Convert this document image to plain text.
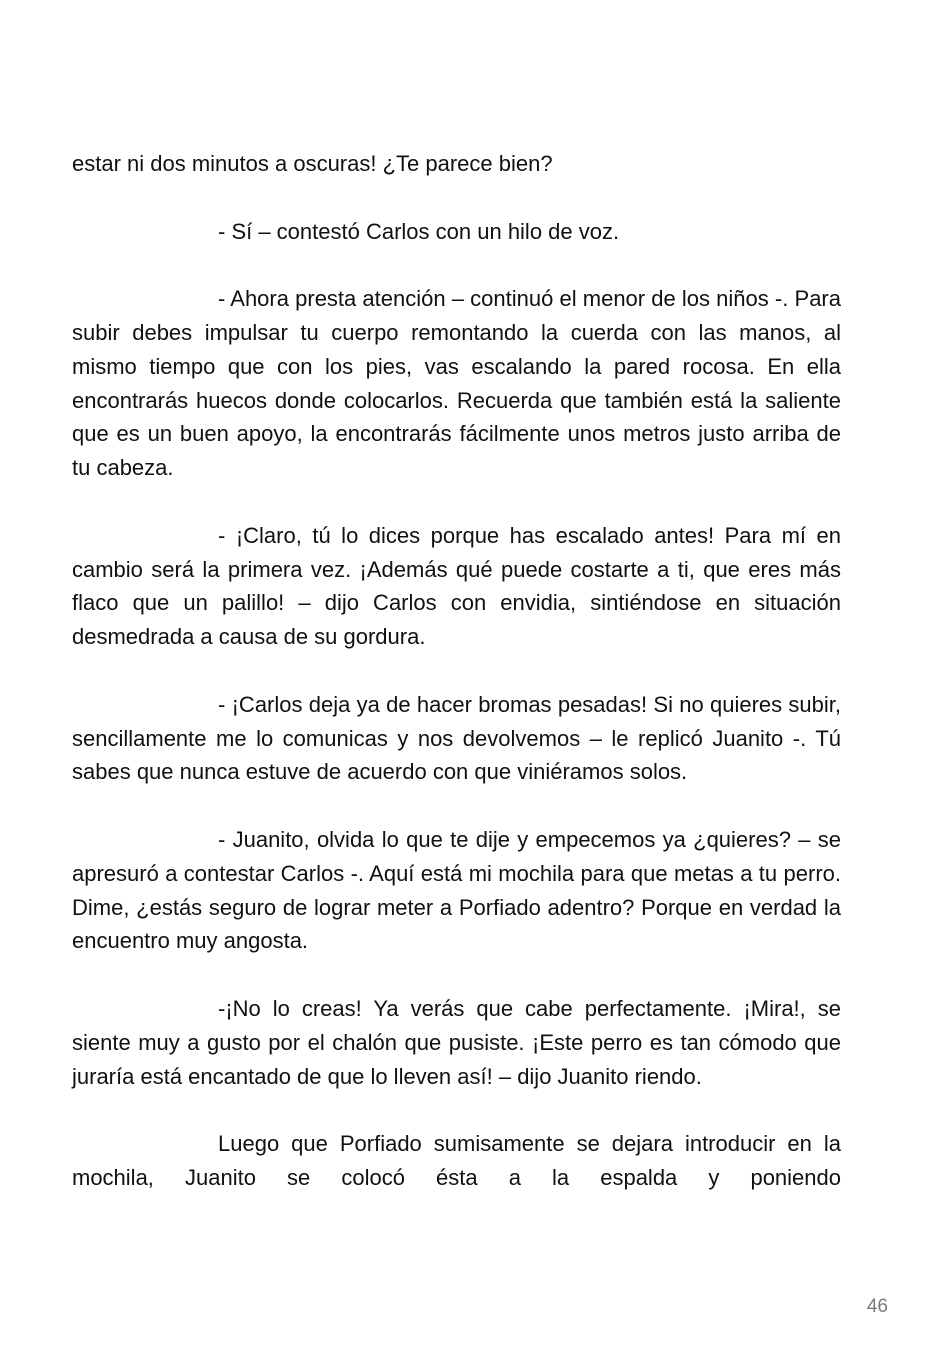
estar ni dos minutos a oscuras! ¿Te parece bien?

- Sí – contestó Carlos con un hilo de voz.

- Ahora presta atención – continuó el menor de los niños -. Para subir debes impulsar tu cuerpo remontando la cuerda con las manos, al mismo tiempo que con los pies, vas escalando la pared rocosa. En ella encontrarás huecos donde colocarlos. Recuerda que también está la saliente que es un buen apoyo, la encontrarás fácilmente unos metros justo arriba de tu cabeza.

- ¡Claro, tú lo dices porque has escalado antes! Para mí en cambio será la primera vez. ¡Además qué puede costarte a ti, que eres más flaco que un palillo! – dijo Carlos con envidia, sintiéndose en situación desmedrada a causa de su gordura.

- ¡Carlos deja ya de hacer bromas pesadas! Si no quieres subir, sencillamente me lo comunicas y nos devolvemos – le replicó Juanito -. Tú sabes que nunca estuve de acuerdo con que viniéramos solos.

- Juanito, olvida lo que te dije y empecemos ya ¿quieres? – se apresuró a contestar Carlos -. Aquí está mi mochila para que metas a tu perro. Dime, ¿estás seguro de lograr meter a Porfiado adentro? Porque en verdad la encuentro muy angosta.

-¡No lo creas! Ya verás que cabe perfectamente. ¡Mira!, se siente muy a gusto por el chalón que pusiste. ¡Este perro es tan cómodo que juraría está encantado de que lo lleven así! – dijo Juanito riendo.

Luego que Porfiado sumisamente se dejara introducir en la mochila, Juanito se colocó ésta a la espalda y poniendo

46
